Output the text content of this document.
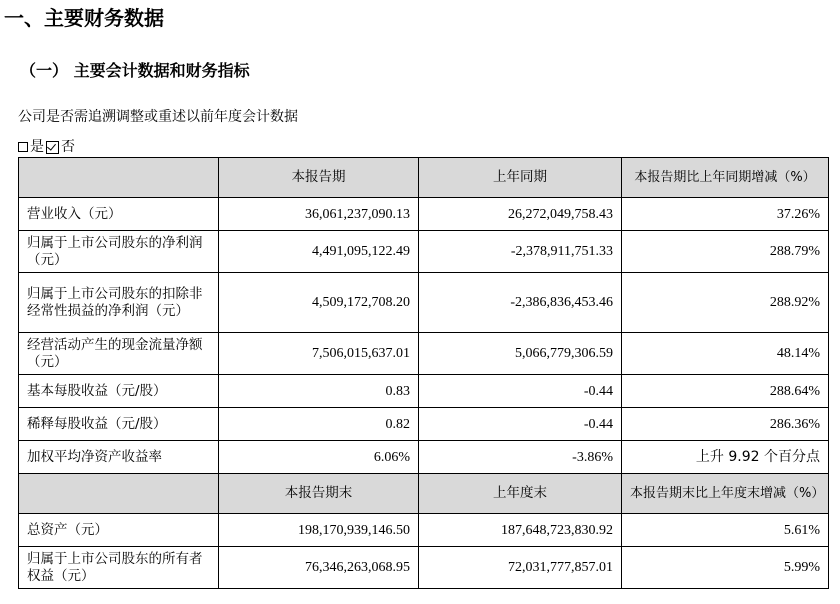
一、主要财务数据
（一） 主要会计数据和财务指标
公司是否需追溯调整或重述以前年度会计数据
是 否
	本报告期	上年同期	本报告期比上年同期增减（%）
营业收入（元）	36,061,237,090.13	26,272,049,758.43	37.26%
归属于上市公司股东的净利润（元）	4,491,095,122.49	-2,378,911,751.33	288.79%
归属于上市公司股东的扣除非经常性损益的净利润（元）	4,509,172,708.20	-2,386,836,453.46	288.92%
经营活动产生的现金流量净额（元）	7,506,015,637.01	5,066,779,306.59	48.14%
基本每股收益（元/股）	0.83	-0.44	288.64%
稀释每股收益（元/股）	0.82	-0.44	286.36%
加权平均净资产收益率	6.06%	-3.86%	上升 9.92 个百分点
	本报告期末	上年度末	本报告期末比上年度末增减（%）
总资产（元）	198,170,939,146.50	187,648,723,830.92	5.61%
归属于上市公司股东的所有者权益（元）	76,346,263,068.95	72,031,777,857.01	5.99%
